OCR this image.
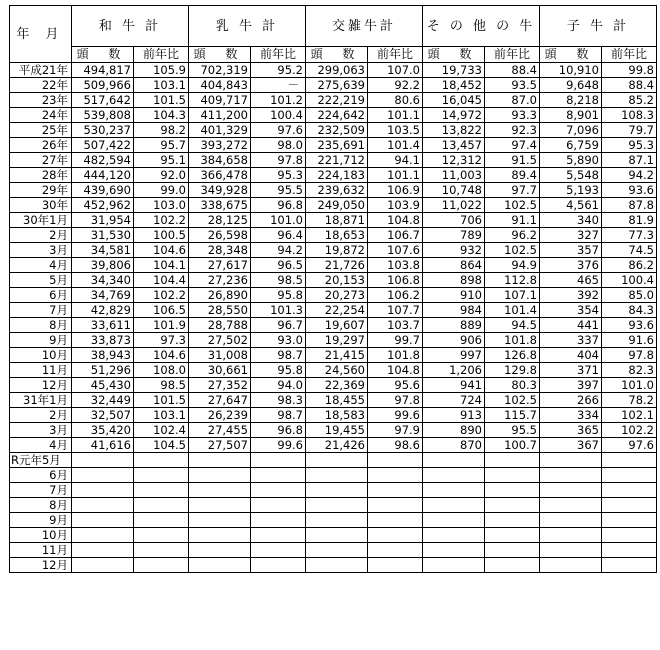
年 月	和 牛 計		乳 牛 計		交雑牛計		そ の 他 の 牛		子 牛 計	
	頭 数	前年比	頭 数	前年比	頭 数	前年比	頭 数	前年比	頭 数	前年比
平成21年	494,817	105.9	702,319	95.2	299,063	107.0	19,733	88.4	10,910	99.8
22年	509,966	103.1	404,843	－	275,639	92.2	18,452	93.5	9,648	88.4
23年	517,642	101.5	409,717	101.2	222,219	80.6	16,045	87.0	8,218	85.2
24年	539,808	104.3	411,200	100.4	224,642	101.1	14,972	93.3	8,901	108.3
25年	530,237	98.2	401,329	97.6	232,509	103.5	13,822	92.3	7,096	79.7
26年	507,422	95.7	393,272	98.0	235,691	101.4	13,457	97.4	6,759	95.3
27年	482,594	95.1	384,658	97.8	221,712	94.1	12,312	91.5	5,890	87.1
28年	444,120	92.0	366,478	95.3	224,183	101.1	11,003	89.4	5,548	94.2
29年	439,690	99.0	349,928	95.5	239,632	106.9	10,748	97.7	5,193	93.6
30年	452,962	103.0	338,675	96.8	249,050	103.9	11,022	102.5	4,561	87.8
30年1月	31,954	102.2	28,125	101.0	18,871	104.8	706	91.1	340	81.9
2月	31,530	100.5	26,598	96.4	18,653	106.7	789	96.2	327	77.3
3月	34,581	104.6	28,348	94.2	19,872	107.6	932	102.5	357	74.5
4月	39,806	104.1	27,617	96.5	21,726	103.8	864	94.9	376	86.2
5月	34,340	104.4	27,236	98.5	20,153	106.8	898	112.8	465	100.4
6月	34,769	102.2	26,890	95.8	20,273	106.2	910	107.1	392	85.0
7月	42,829	106.5	28,550	101.3	22,254	107.7	984	101.4	354	84.3
8月	33,611	101.9	28,788	96.7	19,607	103.7	889	94.5	441	93.6
9月	33,873	97.3	27,502	93.0	19,297	99.7	906	101.8	337	91.6
10月	38,943	104.6	31,008	98.7	21,415	101.8	997	126.8	404	97.8
11月	51,296	108.0	30,661	95.8	24,560	104.8	1,206	129.8	371	82.3
12月	45,430	98.5	27,352	94.0	22,369	95.6	941	80.3	397	101.0
31年1月	32,449	101.5	27,647	98.3	18,455	97.8	724	102.5	266	78.2
2月	32,507	103.1	26,239	98.7	18,583	99.6	913	115.7	334	102.1
3月	35,420	102.4	27,455	96.8	19,455	97.9	890	95.5	365	102.2
4月	41,616	104.5	27,507	99.6	21,426	98.6	870	100.7	367	97.6
R元年5月										
6月										
7月										
8月										
9月										
10月										
11月										
12月										
